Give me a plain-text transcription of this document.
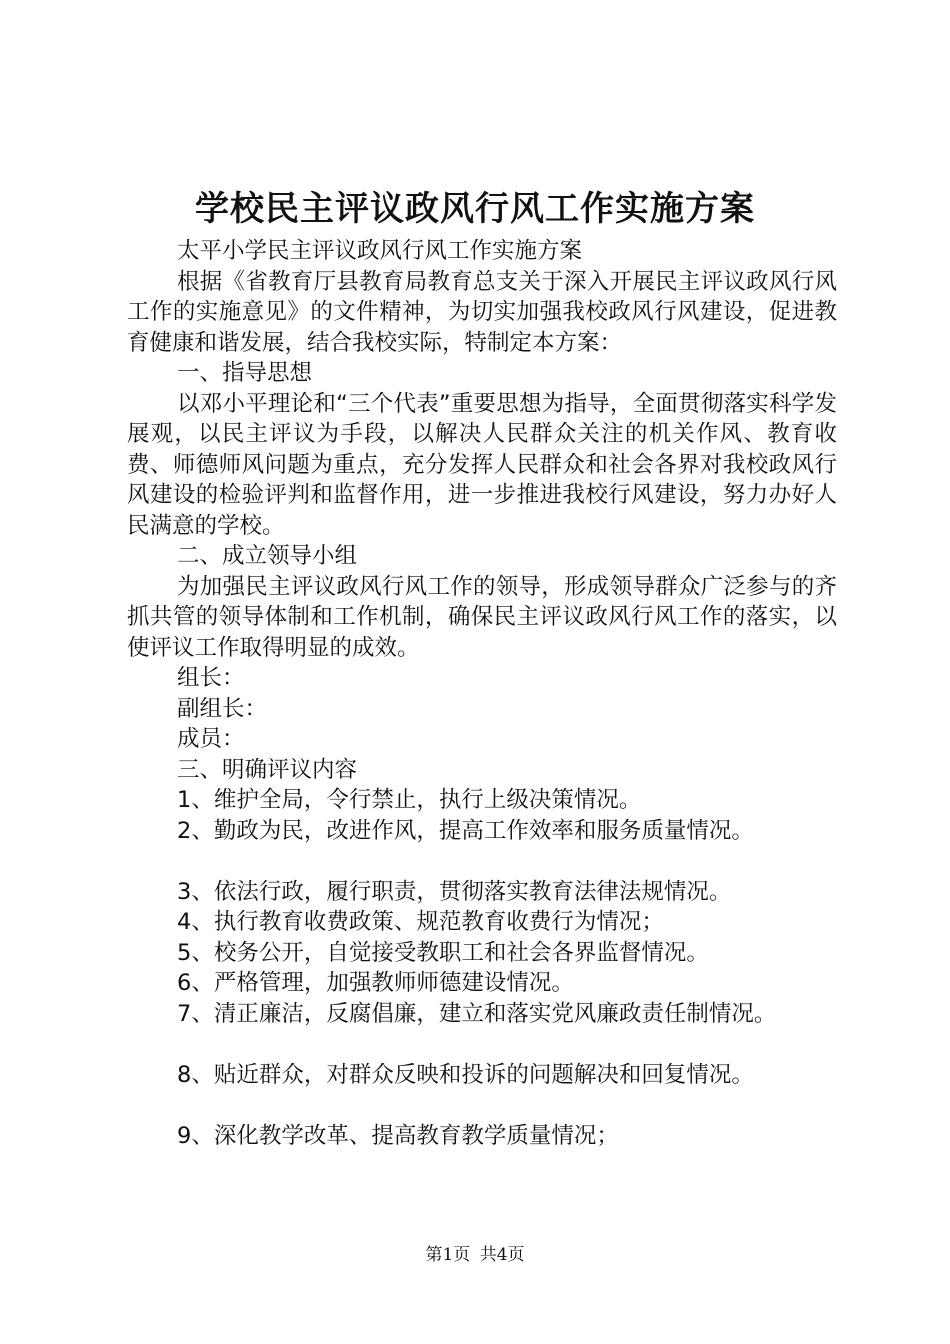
学校民主评议政风行风工作实施方案

太平小学民主评议政风行风工作实施方案

根据《省教育厅县教育局教育总支关于深入开展民主评议政风行风工作的实施意见》的文件精神，为切实加强我校政风行风建设，促进教育健康和谐发展，结合我校实际，特制定本方案：

一、指导思想

以邓小平理论和“三个代表”重要思想为指导，全面贯彻落实科学发展观，以民主评议为手段，以解决人民群众关注的机关作风、教育收费、师德师风问题为重点，充分发挥人民群众和社会各界对我校政风行风建设的检验评判和监督作用，进一步推进我校行风建设，努力办好人民满意的学校。

二、成立领导小组

为加强民主评议政风行风工作的领导，形成领导群众广泛参与的齐抓共管的领导体制和工作机制，确保民主评议政风行风工作的落实，以使评议工作取得明显的成效。

组长：

副组长：

成员：

三、明确评议内容

1、维护全局，令行禁止，执行上级决策情况。

2、勤政为民，改进作风，提高工作效率和服务质量情况。

3、依法行政，履行职责，贯彻落实教育法律法规情况。

4、执行教育收费政策、规范教育收费行为情况；

5、校务公开，自觉接受教职工和社会各界监督情况。

6、严格管理，加强教师师德建设情况。

7、清正廉洁，反腐倡廉，建立和落实党风廉政责任制情况。

8、贴近群众，对群众反映和投诉的问题解决和回复情况。

9、深化教学改革、提高教育教学质量情况；

第1页 共4页
